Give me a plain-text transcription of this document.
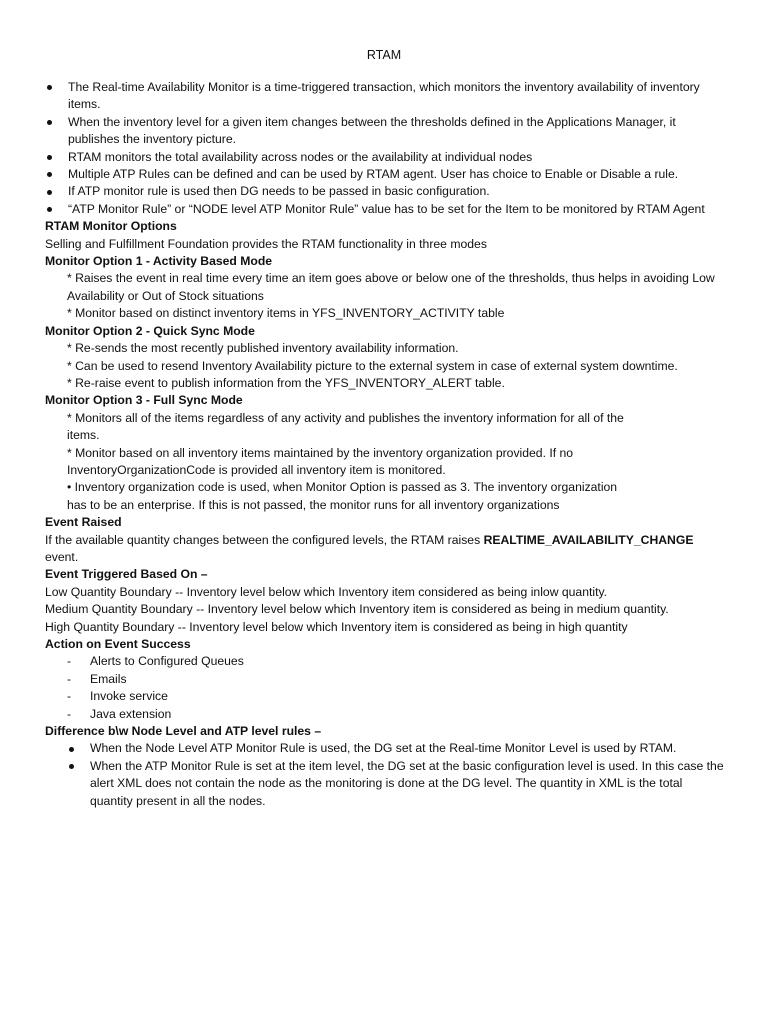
RTAM
The Real-time Availability Monitor is a time-triggered transaction, which monitors the inventory availability of inventory items.
When the inventory level for a given item changes between the thresholds defined in the Applications Manager, it publishes the inventory picture.
RTAM monitors the total availability across nodes or the availability at individual nodes
Multiple ATP Rules can be defined and can be used by RTAM agent. User has choice to Enable or Disable a rule.
If ATP monitor rule is used then DG needs to be passed in basic configuration.
“ATP Monitor Rule” or “NODE level ATP Monitor Rule” value has to be set for the Item to be monitored by RTAM Agent

RTAM Monitor Options

Selling and Fulfillment Foundation provides the RTAM functionality in three modes

Monitor Option 1 - Activity Based Mode

* Raises the event in real time every time an item goes above or below one of the thresholds, thus helps in avoiding Low Availability or Out of Stock situations

* Monitor based on distinct inventory items in YFS_INVENTORY_ACTIVITY table

Monitor Option 2 - Quick Sync Mode

* Re-sends the most recently published inventory availability information.

* Can be used to resend Inventory Availability picture to the external system in case of external system downtime.

* Re-raise event to publish information from the YFS_INVENTORY_ALERT table.

Monitor Option 3 - Full Sync Mode

* Monitors all of the items regardless of any activity and publishes the inventory information for all of the items.

* Monitor based on all inventory items maintained by the inventory organization provided. If no InventoryOrganizationCode is provided all inventory item is monitored.

• Inventory organization code is used, when Monitor Option is passed as 3. The inventory organization has to be an enterprise. If this is not passed, the monitor runs for all inventory organizations

Event Raised

If the available quantity changes between the configured levels, the RTAM raises REALTIME_AVAILABILITY_CHANGE event.

Event Triggered Based On –

Low Quantity Boundary -- Inventory level below which Inventory item considered as being inlow quantity.

Medium Quantity Boundary -- Inventory level below which Inventory item is considered as being in medium quantity.

High Quantity Boundary -- Inventory level below which Inventory item is considered as being in high quantity

Action on Event Success

- Alerts to Configured Queues
- Emails
- Invoke service
- Java extension

Difference b\w Node Level and ATP level rules –

When the Node Level ATP Monitor Rule is used, the DG set at the Real-time Monitor Level is used by RTAM.
When the ATP Monitor Rule is set at the item level, the DG set at the basic configuration level is used. In this case the alert XML does not contain the node as the monitoring is done at the DG level. The quantity in XML is the total quantity present in all the nodes.
